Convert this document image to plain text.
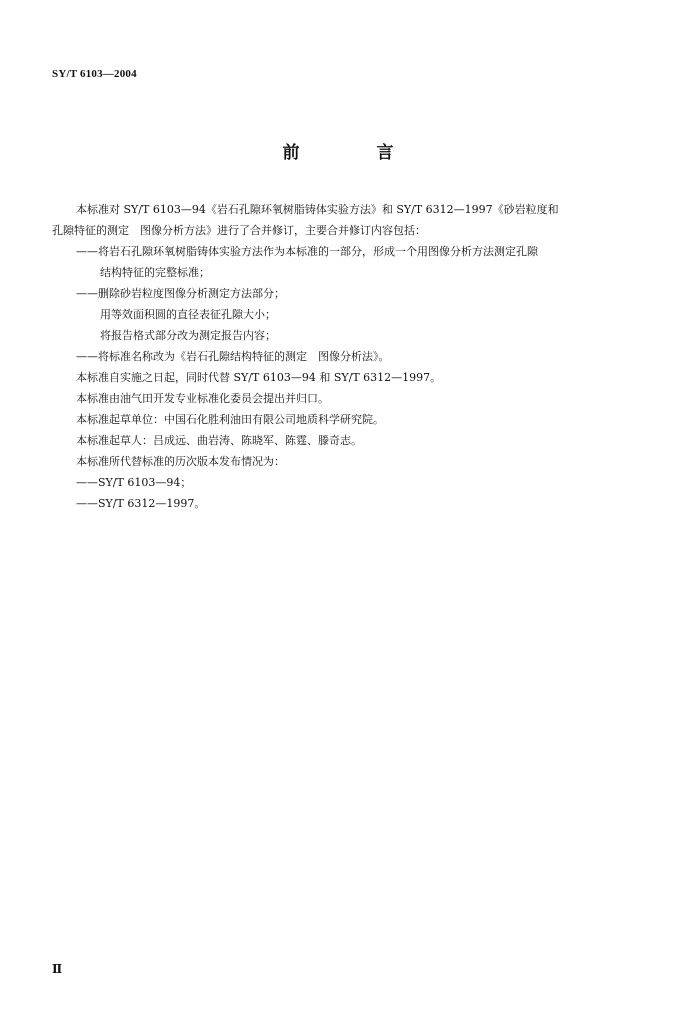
SY/T 6103—2004
前　言

本标准对 SY/T 6103—94《岩石孔隙环氧树脂铸体实验方法》和 SY/T 6312—1997《砂岩粒度和

孔隙特征的测定　图像分析方法》进行了合并修订，主要合并修订内容包括：

——将岩石孔隙环氧树脂铸体实验方法作为本标准的一部分，形成一个用图像分析方法测定孔隙

结构特征的完整标准；

——删除砂岩粒度图像分析测定方法部分；

用等效面积圆的直径表征孔隙大小；

将报告格式部分改为测定报告内容；

——将标准名称改为《岩石孔隙结构特征的测定　图像分析法》。

本标准自实施之日起，同时代替 SY/T 6103—94 和 SY/T 6312—1997。

本标准由油气田开发专业标准化委员会提出并归口。

本标准起草单位：中国石化胜利油田有限公司地质科学研究院。

本标准起草人：吕成远、曲岩涛、陈晓军、陈霆、滕奇志。

本标准所代替标准的历次版本发布情况为：

——SY/T 6103—94；

——SY/T 6312—1997。

Ⅱ
